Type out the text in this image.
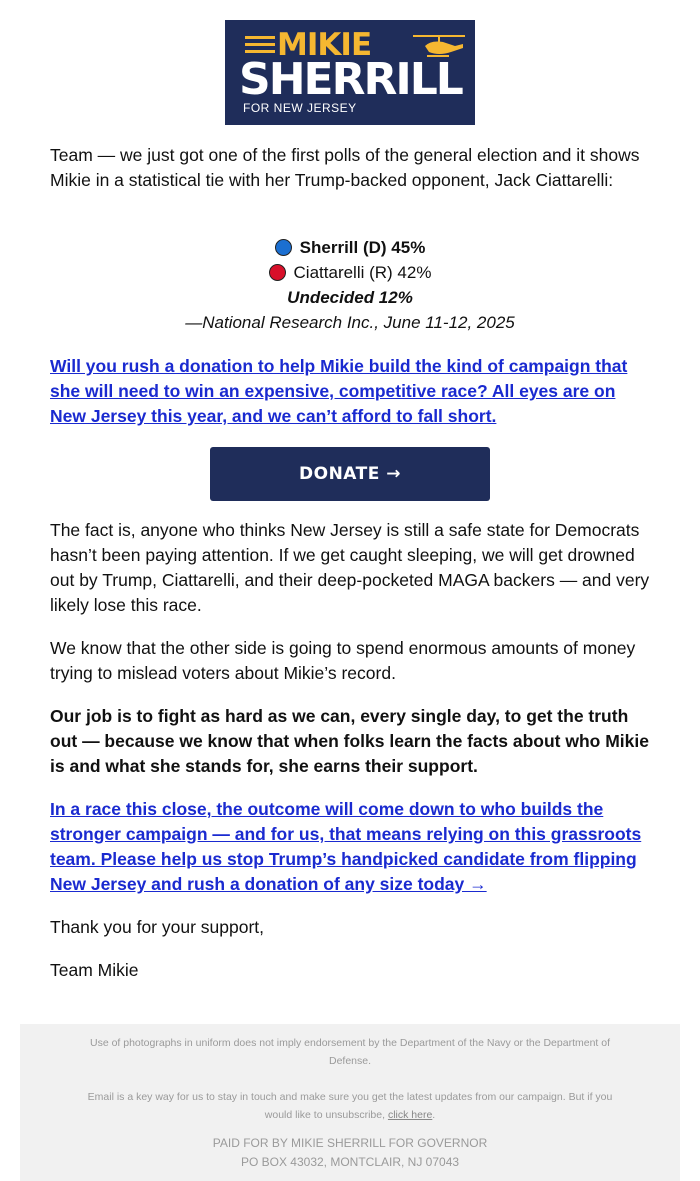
MIKIE
SHERRILL
FOR NEW JERSEY
Team — we just got one of the first polls of the general election and it shows Mikie in a statistical tie with her Trump-backed opponent, Jack Ciattarelli:
Sherrill (D) 45%
Ciattarelli (R) 42%
Undecided 12%
—National Research Inc., June 11-12, 2025
Will you rush a donation to help Mikie build the kind of campaign that she will need to win an expensive, competitive race? All eyes are on New Jersey this year, and we can’t afford to fall short.
DONATE →
The fact is, anyone who thinks New Jersey is still a safe state for Democrats hasn’t been paying attention. If we get caught sleeping, we will get drowned out by Trump, Ciattarelli, and their deep-pocketed MAGA backers — and very likely lose this race.
We know that the other side is going to spend enormous amounts of money trying to mislead voters about Mikie’s record.
Our job is to fight as hard as we can, every single day, to get the truth out — because we know that when folks learn the facts about who Mikie is and what she stands for, she earns their support.
In a race this close, the outcome will come down to who builds the stronger campaign — and for us, that means relying on this grassroots team. Please help us stop Trump’s handpicked candidate from flipping New Jersey and rush a donation of any size today →
Thank you for your support,
Team Mikie
Use of photographs in uniform does not imply endorsement by the Department of the Navy or the Department of Defense.
Email is a key way for us to stay in touch and make sure you get the latest updates from our campaign. But if you would like to unsubscribe, click here.
PAID FOR BY MIKIE SHERRILL FOR GOVERNOR
PO BOX 43032, MONTCLAIR, NJ 07043
